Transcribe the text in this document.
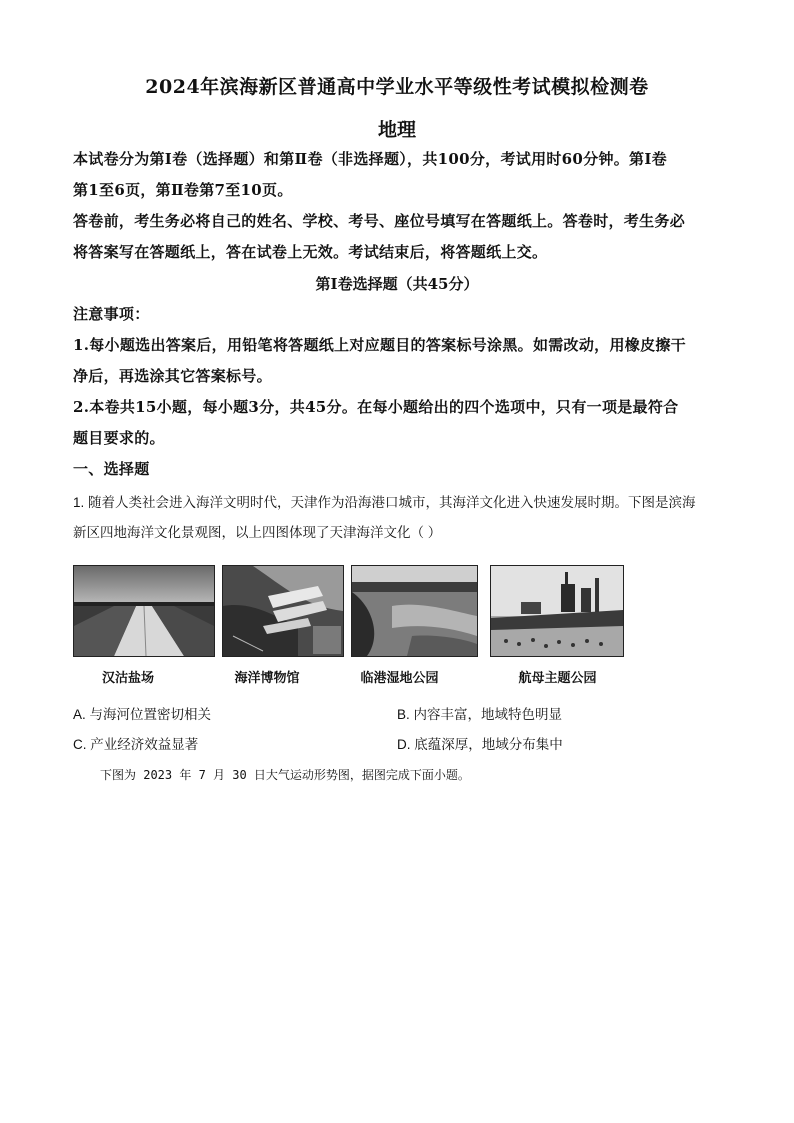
2024年滨海新区普通高中学业水平等级性考试模拟检测卷
地理
本试卷分为第Ⅰ卷（选择题）和第Ⅱ卷（非选择题），共100分，考试用时60分钟。第Ⅰ卷
第1至6页，第Ⅱ卷第7至10页。
答卷前，考生务必将自己的姓名、学校、考号、座位号填写在答题纸上。答卷时，考生务必
将答案写在答题纸上，答在试卷上无效。考试结束后，将答题纸上交。
第Ⅰ卷选择题（共45分）
注意事项：
1.每小题选出答案后，用铅笔将答题纸上对应题目的答案标号涂黑。如需改动，用橡皮擦干
净后，再选涂其它答案标号。
2.本卷共15小题，每小题3分，共45分。在每小题给出的四个选项中，只有一项是最符合
题目要求的。
一、选择题
1. 随着人类社会进入海洋文明时代，天津作为沿海港口城市，其海洋文化进入快速发展时期。下图是滨海
新区四地海洋文化景观图，以上四图体现了天津海洋文化（ ）
汉沽盐场	海洋博物馆	临港湿地公园	航母主题公园
A. 与海河位置密切相关	B. 内容丰富，地域特色明显
C. 产业经济效益显著	D. 底蕴深厚，地域分布集中
下图为 2023 年 7 月 30 日大气运动形势图，据图完成下面小题。
